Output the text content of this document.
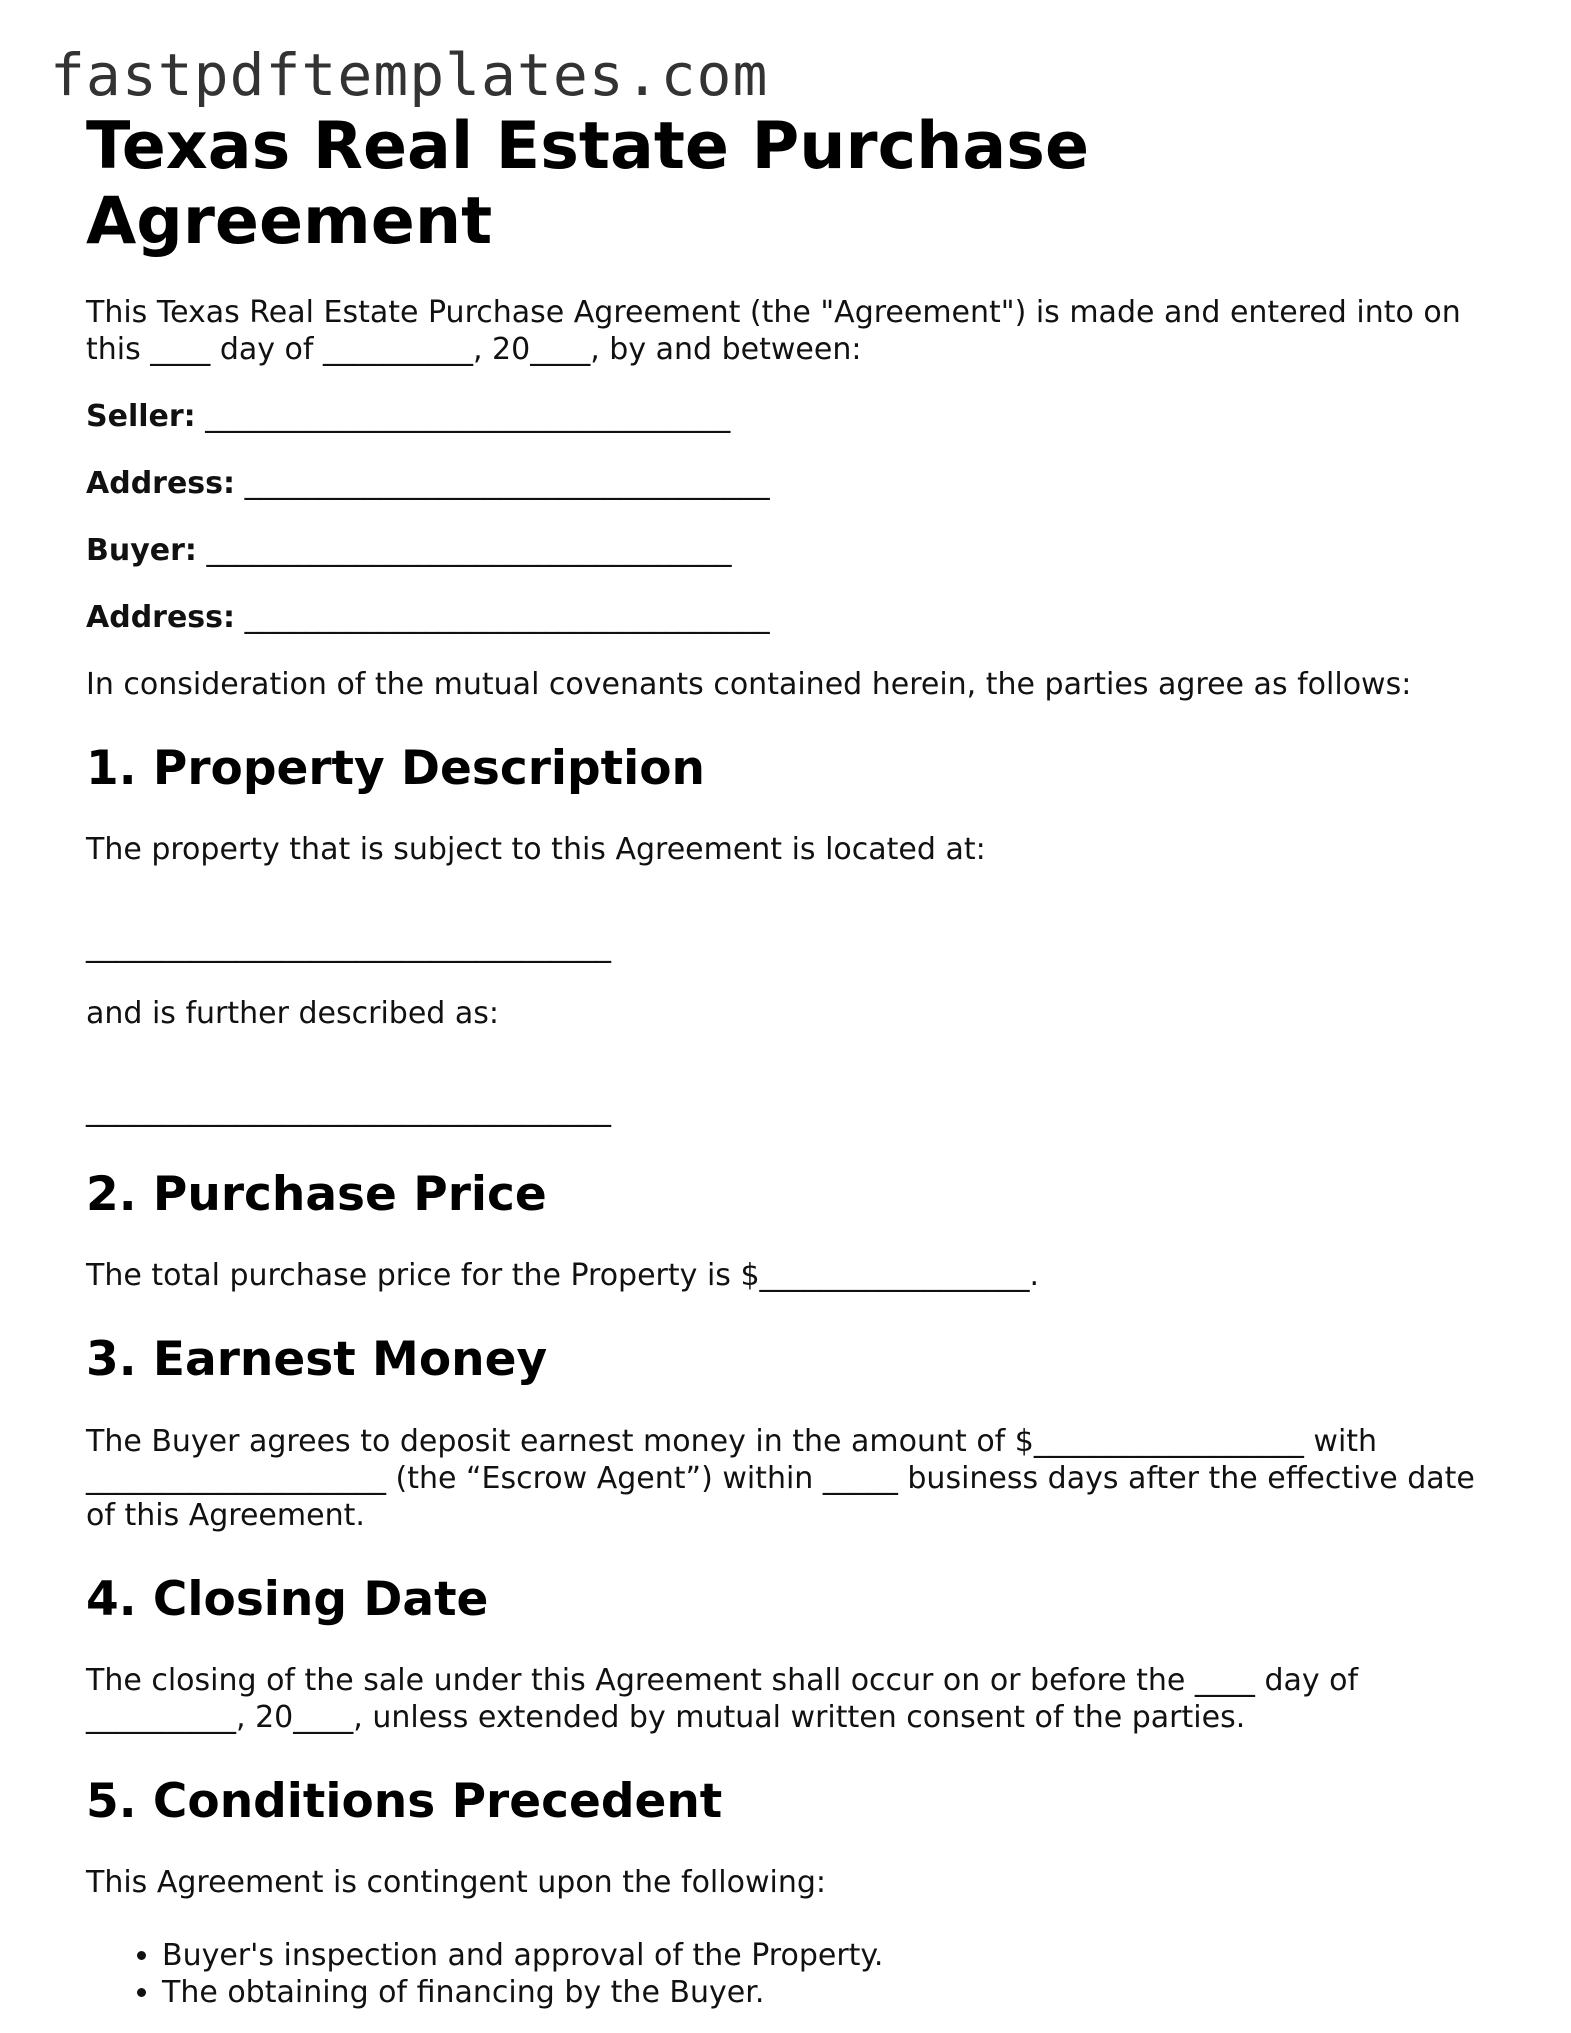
fastpdftemplates.com
Texas Real Estate Purchase Agreement

This Texas Real Estate Purchase Agreement (the "Agreement") is made and entered into on this ____ day of __________, 20____, by and between:

Seller: ___________________________________

Address: ___________________________________

Buyer: ___________________________________

Address: ___________________________________

In consideration of the mutual covenants contained herein, the parties agree as follows:

1. Property Description

The property that is subject to this Agreement is located at:

___________________________________

and is further described as:

___________________________________

2. Purchase Price

The total purchase price for the Property is $__________________.

3. Earnest Money

The Buyer agrees to deposit earnest money in the amount of $__________________ with ____________________ (the “Escrow Agent”) within _____ business days after the effective date of this Agreement.

4. Closing Date

The closing of the sale under this Agreement shall occur on or before the ____ day of __________, 20____, unless extended by mutual written consent of the parties.

5. Conditions Precedent

This Agreement is contingent upon the following:

• Buyer's inspection and approval of the Property.
• The obtaining of financing by the Buyer.
